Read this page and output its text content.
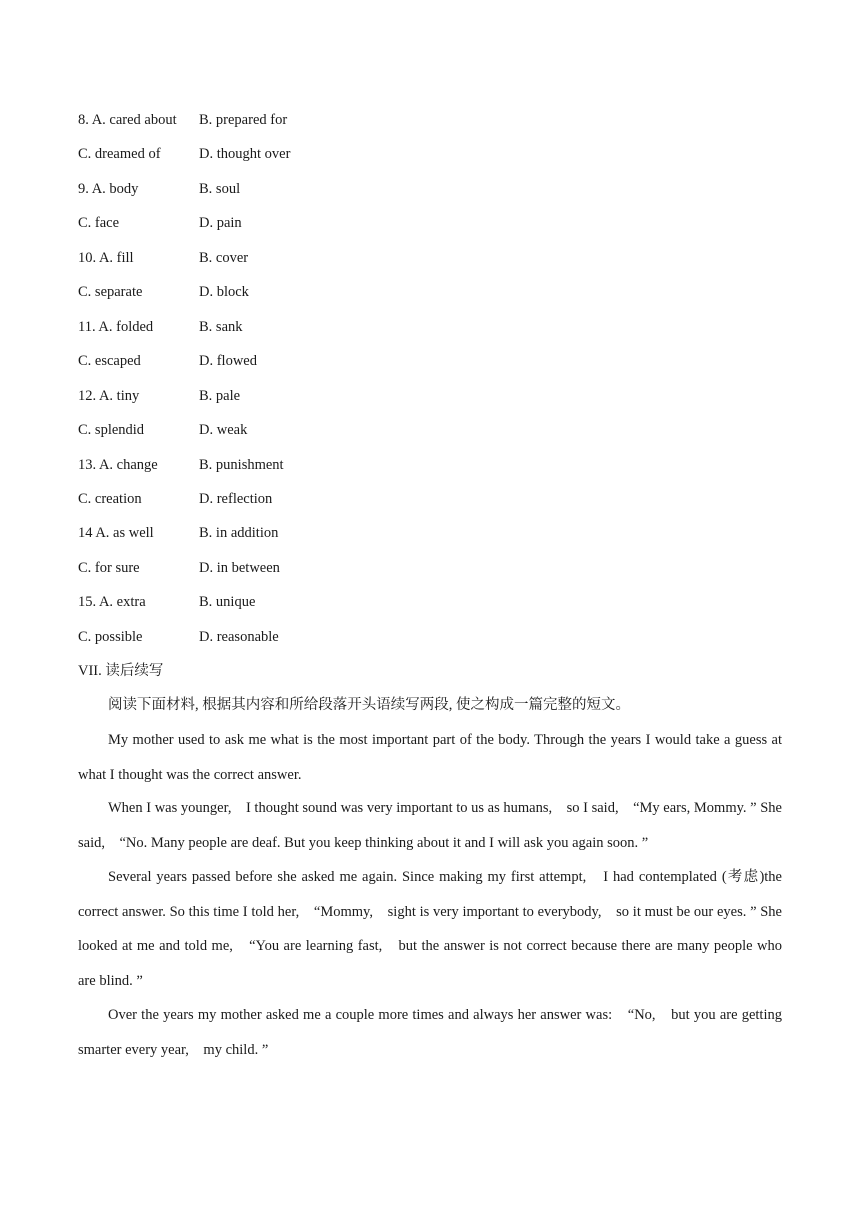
8. A. cared about B. prepared for
C. dreamed of	D. thought over
9. A. body	B. soul
C. face	D. pain
10. A. fill	B. cover
C. separate	D. block
11. A. folded	B. sank
C. escaped	D. flowed
12. A. tiny	B. pale
C. splendid	D. weak
13. A. change	B. punishment
C. creation	D. reflection
14 A. as well	B. in addition
C. for sure	D. in between
15. A. extra	B. unique
C. possible	D. reasonable
VII. 读后续写

阅读下面材料, 根据其内容和所给段落开头语续写两段, 使之构成一篇完整的短文。

My mother used to ask me what is the most important part of the body. Through the years I would take a guess at what I thought was the correct answer.

When I was younger,　I thought sound was very important to us as humans,　so I said,　“My ears, Mommy. ” She said,　“No. Many people are deaf. But you keep thinking about it and I will ask you again soon. ”

Several years passed before she asked me again. Since making my first attempt,　I had contemplated (考虑)the correct answer. So this time I told her,　“Mommy,　sight is very important to everybody,　so it must be our eyes. ” She looked at me and told me,　“You are learning fast,　but the answer is not correct because there are many people who are blind. ”

Over the years my mother asked me a couple more times and always her answer was:　“No,　but you are getting smarter every year,　my child. ”
